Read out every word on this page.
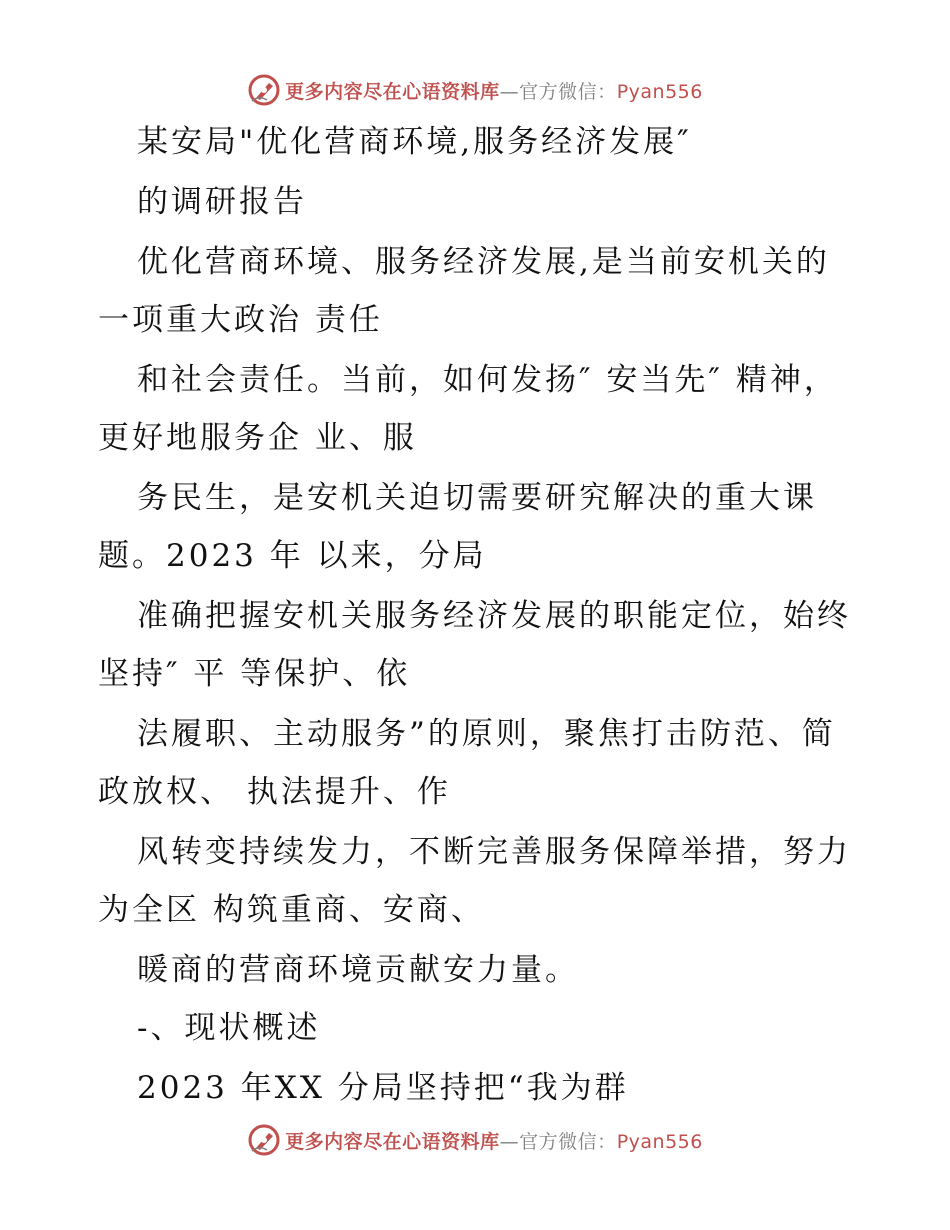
更多内容尽在心语资料库—官方微信：Pyan556
某安局"优化营商环境,服务经济发展″
的调研报告
优化营商环境、服务经济发展,是当前安机关的
一项重大政治 责任
和社会责任。当前，如何发扬″ 安当先″ 精神，
更好地服务企 业、服
务民生，是安机关迫切需要研究解决的重大课
题。2023 年 以来，分局
准确把握安机关服务经济发展的职能定位，始终
坚持″ 平 等保护、依
法履职、主动服务”的原则，聚焦打击防范、简
政放权、 执法提升、作
风转变持续发力，不断完善服务保障举措，努力
为全区 构筑重商、安商、
暖商的营商环境贡献安力量。
-、现状概述
2023 年XX 分局坚持把“我为群
更多内容尽在心语资料库—官方微信：Pyan556
